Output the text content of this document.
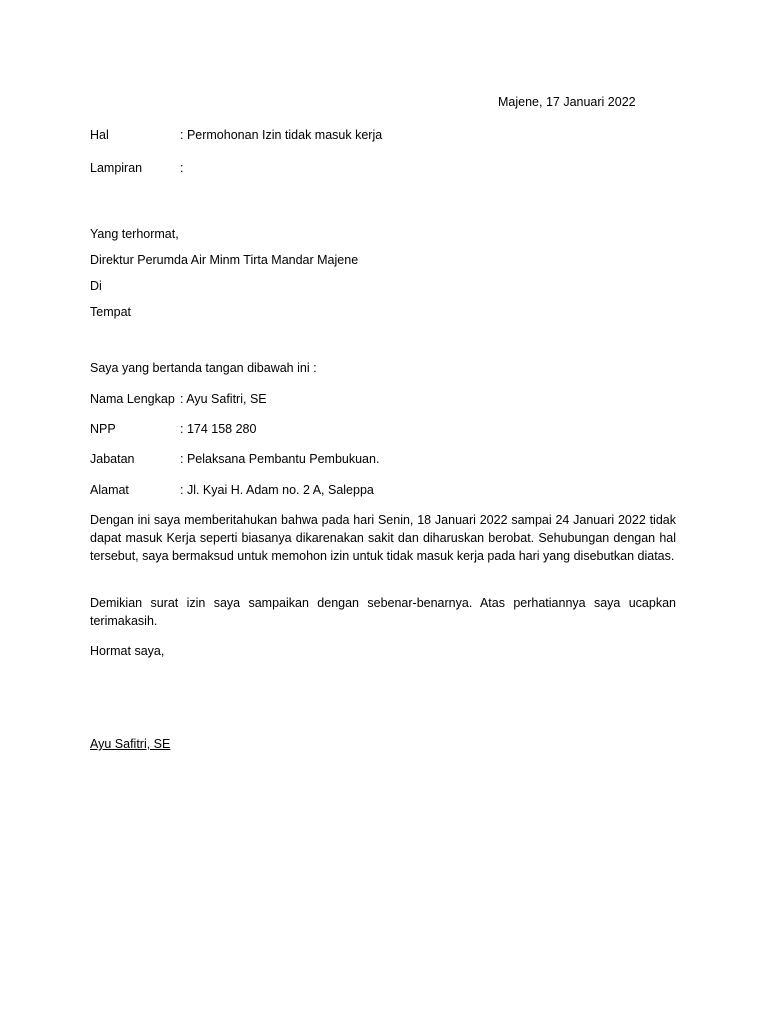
Majene, 17 Januari 2022
Hal	: Permohonan Izin tidak masuk kerja
Lampiran	:
Yang terhormat,
Direktur Perumda Air Minm Tirta Mandar Majene
Di
Tempat
Saya yang bertanda tangan dibawah ini :
Nama Lengkap : Ayu Safitri, SE
NPP	: 174 158 280
Jabatan	: Pelaksana Pembantu Pembukuan.
Alamat	: Jl. Kyai H. Adam no. 2 A, Saleppa
Dengan ini saya memberitahukan bahwa pada hari Senin, 18 Januari 2022 sampai 24 Januari 2022 tidak dapat masuk Kerja seperti biasanya dikarenakan sakit dan diharuskan berobat. Sehubungan dengan hal tersebut, saya bermaksud untuk memohon izin untuk tidak masuk kerja pada hari yang disebutkan diatas.
Demikian surat izin saya sampaikan dengan sebenar-benarnya. Atas perhatiannya saya ucapkan terimakasih.
Hormat saya,
Ayu Safitri, SE
